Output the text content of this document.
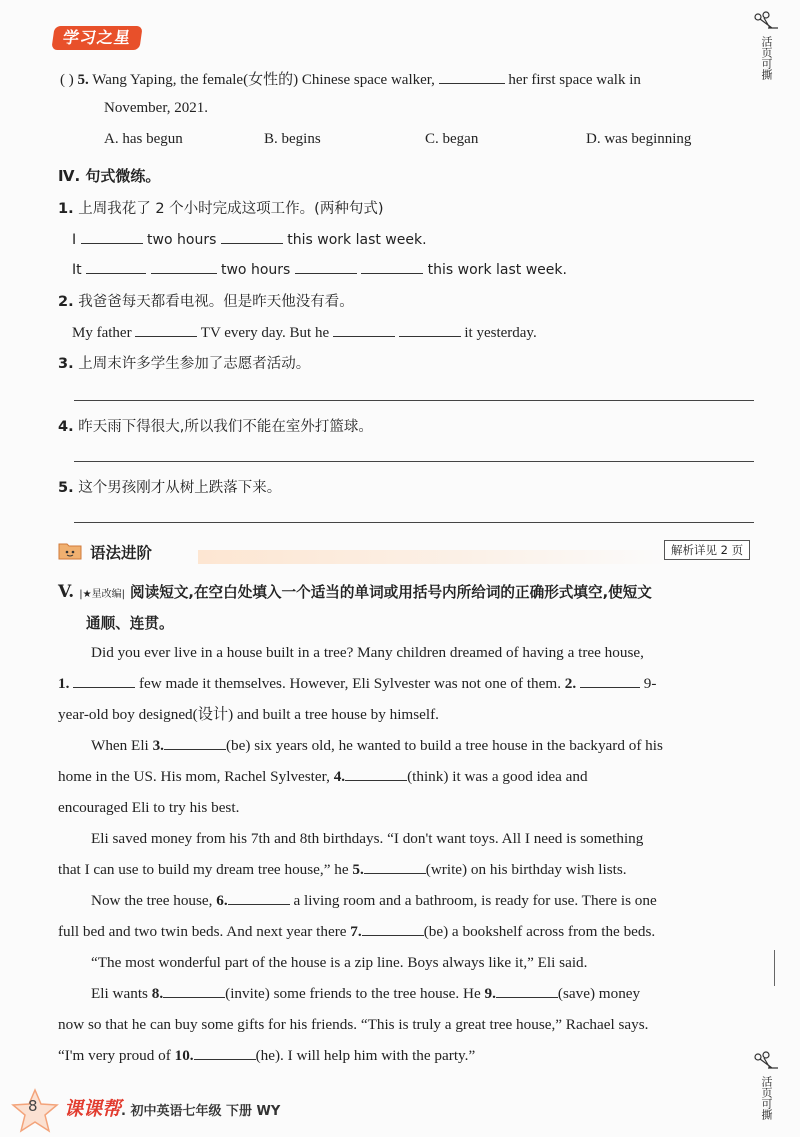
学习之星	活页可撕
( ) 5. Wang Yaping, the female(女性的) Chinese space walker,	her first space walk in
November, 2021.
A. has begun	B. begins	C. began	D. was beginning
Ⅳ. 句式微练。
1. 上周我花了 2 个小时完成这项工作。(两种句式)
I	two hours	this work last week.
It	two hours	this work last week.
2. 我爸爸每天都看电视。但是昨天他没有看。
My father	TV every day. But he	it yesterday.
3. 上周末许多学生参加了志愿者活动。
4. 昨天雨下得很大,所以我们不能在室外打篮球。
5. 这个男孩刚才从树上跌落下来。
语法进阶	解析详见 2 页
V. |★星改编| 阅读短文,在空白处填入一个适当的单词或用括号内所给词的正确形式填空,使短文
通顺、连贯。

Did you ever live in a house built in a tree? Many children dreamed of having a tree house,

1.	few made it themselves. However, Eli Sylvester was not one of them. 2.	9-

year-old boy designed(设计) and built a tree house by himself.

When Eli 3.	(be) six years old, he wanted to build a tree house in the backyard of his

home in the US. His mom, Rachel Sylvester, 4.	(think) it was a good idea and

encouraged Eli to try his best.

Eli saved money from his 7th and 8th birthdays. “I don't want toys. All I need is something

that I can use to build my dream tree house,” he 5.	(write) on his birthday wish lists.

Now the tree house, 6.	a living room and a bathroom, is ready for use. There is one

full bed and two twin beds. And next year there 7.	(be) a bookshelf across from the beds.

“The most wonderful part of the house is a zip line. Boys always like it,” Eli said.

Eli wants 8.	(invite) some friends to the tree house. He 9.	(save) money

now so that he can buy some gifts for his friends. “This is truly a great tree house,” Rachael says.

“I'm very proud of 10.	(he). I will help him with the party.”

8 课课帮. 初中英语七年级 下册 WY	活页可撕
